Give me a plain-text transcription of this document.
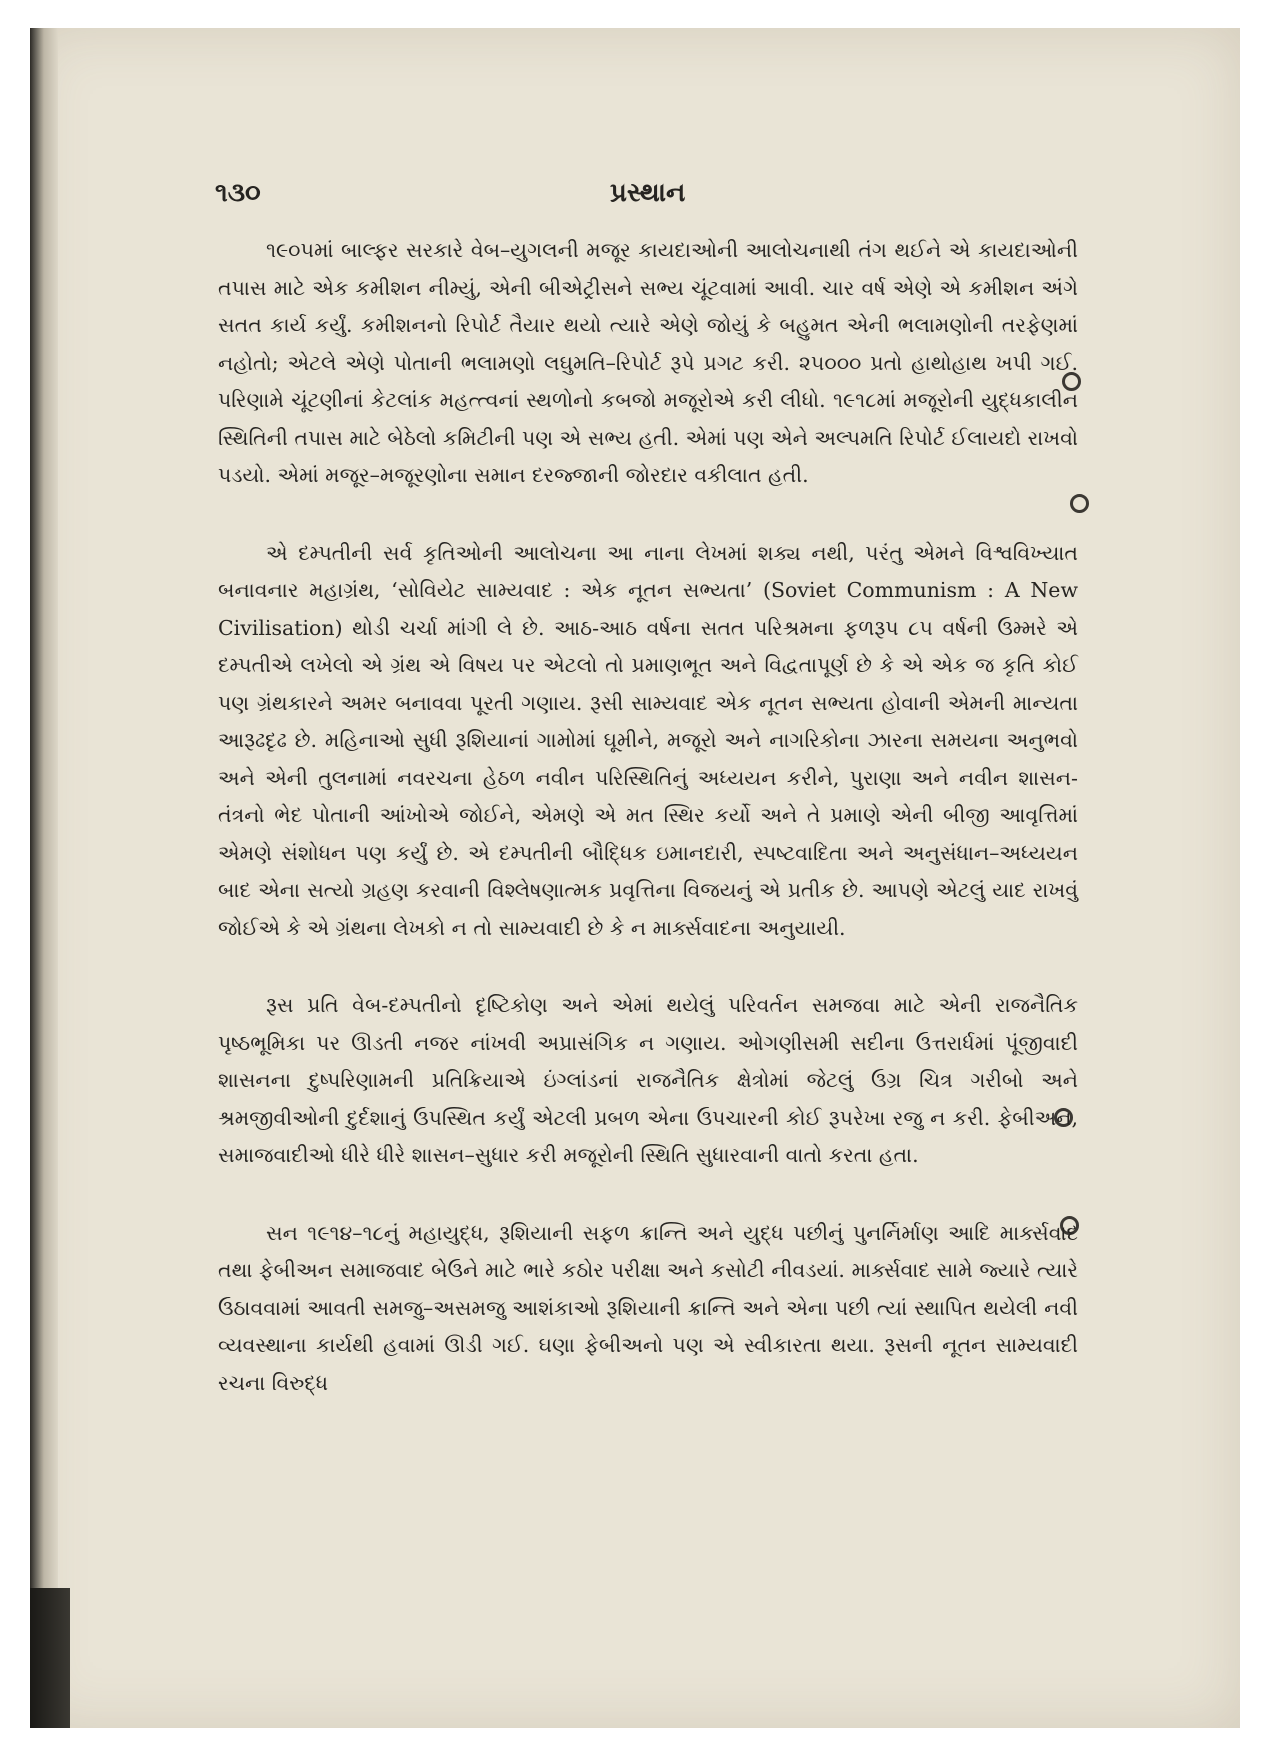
૧૩૦	પ્રસ્થાન

૧૯૦૫માં બાલ્ફર સરકારે વેબ–યુગલની મજૂર કાયદાઓની આલોચનાથી તંગ થઈને એ કાયદાઓની તપાસ માટે એક કમીશન નીમ્યું, એની બીએટ્રીસને સભ્ય ચૂંટવામાં આવી. ચાર વર્ષ એણે એ કમીશન અંગે સતત કાર્ય કર્યું. કમીશનનો રિપોર્ટ તૈયાર થયો ત્યારે એણે જોયું કે બહુમત એની ભલામણોની તરફેણમાં નહોતો; એટલે એણે પોતાની ભલામણો લઘુમતિ–રિપોર્ટ રૂપે પ્રગટ કરી. ૨૫૦૦૦ પ્રતો હાથોહાથ ખપી ગઈ. પરિણામે ચૂંટણીનાં કેટલાંક મહત્ત્વનાં સ્થળોનો કબજો મજૂરોએ કરી લીધો. ૧૯૧૮માં મજૂરોની યુદ્ધકાલીન સ્થિતિની તપાસ માટે બેઠેલો કમિટીની પણ એ સભ્ય હતી. એમાં પણ એને અલ્પમતિ રિપોર્ટ ઈલાયદો રાખવો પડયો. એમાં મજૂર–મજૂરણોના સમાન દરજ્જાની જોરદાર વકીલાત હતી.

એ દમ્પતીની સર્વ કૃતિઓની આલોચના આ નાના લેખમાં શક્ય નથી, પરંતુ એમને વિશ્વવિખ્યાત બનાવનાર મહાગ્રંથ, ‘સોવિયેટ સામ્યવાદ : એક નૂતન સભ્યતા’ (Soviet Communism : A New Civilisation) થોડી ચર્ચા માંગી લે છે. આઠ-આઠ વર્ષના સતત પરિશ્રમના ફળરૂપ ૮૫ વર્ષની ઉમ્મરે એ દમ્પતીએ લખેલો એ ગ્રંથ એ વિષય પર એટલો તો પ્રમાણભૂત અને વિદ્વતાપૂર્ણ છે કે એ એક જ કૃતિ કોઈ પણ ગ્રંથકારને અમર બનાવવા પૂરતી ગણાય. રૂસી સામ્યવાદ એક નૂતન સભ્યતા હોવાની એમની માન્યતા આરૂઢદૃઢ છે. મહિનાઓ સુધી રૂશિયાનાં ગામોમાં ઘૂમીને, મજૂરો અને નાગરિકોના ઝારના સમયના અનુભવો અને એની તુલનામાં નવરચના હેઠળ નવીન પરિસ્થિતિનું અધ્યયન કરીને, પુરાણા અને નવીન શાસન-તંત્રનો ભેદ પોતાની આંખોએ જોઈને, એમણે એ મત સ્થિર કર્યો અને તે પ્રમાણે એની બીજી આવૃત્તિમાં એમણે સંશોધન પણ કર્યું છે. એ દમ્પતીની બૌદ્ધિક ઇમાનદારી, સ્પષ્ટવાદિતા અને અનુસંધાન–અધ્યયન બાદ એના સત્યો ગ્રહણ કરવાની વિશ્લેષણાત્મક પ્રવૃત્તિના વિજયનું એ પ્રતીક છે. આપણે એટલું યાદ રાખવું જોઈએ કે એ ગ્રંથના લેખકો ન તો સામ્યવાદી છે કે ન માર્ક્સવાદના અનુયાયી.

રૂસ પ્રતિ વેબ-દમ્પતીનો દૃષ્ટિકોણ અને એમાં થયેલું પરિવર્તન સમજવા માટે એની રાજનૈતિક પૃષ્ઠભૂમિકા પર ઊડતી નજર નાંખવી અપ્રાસંગિક ન ગણાય. ઓગણીસમી સદીના ઉત્તરાર્ધમાં પૂંજીવાદી શાસનના દુષ્પરિણામની પ્રતિક્રિયાએ ઇંગ્લાંડનાં રાજનૈતિક ક્ષેત્રોમાં જેટલું ઉગ્ર ચિત્ર ગરીબો અને શ્રમજીવીઓની દુર્દશાનું ઉપસ્થિત કર્યું એટલી પ્રબળ એના ઉપચારની કોઈ રૂપરેખા રજુ ન કરી. ફેબીઅન, સમાજવાદીઓ ધીરે ધીરે શાસન–સુધાર કરી મજૂરોની સ્થિતિ સુધારવાની વાતો કરતા હતા.

સન ૧૯૧૪–૧૮નું મહાયુદ્ધ, રૂશિયાની સફળ ક્રાન્તિ અને યુદ્ધ પછીનું પુનર્નિર્માણ આદિ માર્ક્સવાદ તથા ફેબીઅન સમાજવાદ બેઉને માટે ભારે કઠોર પરીક્ષા અને કસોટી નીવડયાં. માર્ક્સવાદ સામે જ્યારે ત્યારે ઉઠાવવામાં આવતી સમજુ–અસમજુ આશંકાઓ રૂશિયાની ક્રાન્તિ અને એના પછી ત્યાં સ્થાપિત થયેલી નવી વ્યવસ્થાના કાર્યથી હવામાં ઊડી ગઈ. ઘણા ફેબીઅનો પણ એ સ્વીકારતા થયા. રૂસની નૂતન સામ્યવાદી રચના વિરુદ્ધ
